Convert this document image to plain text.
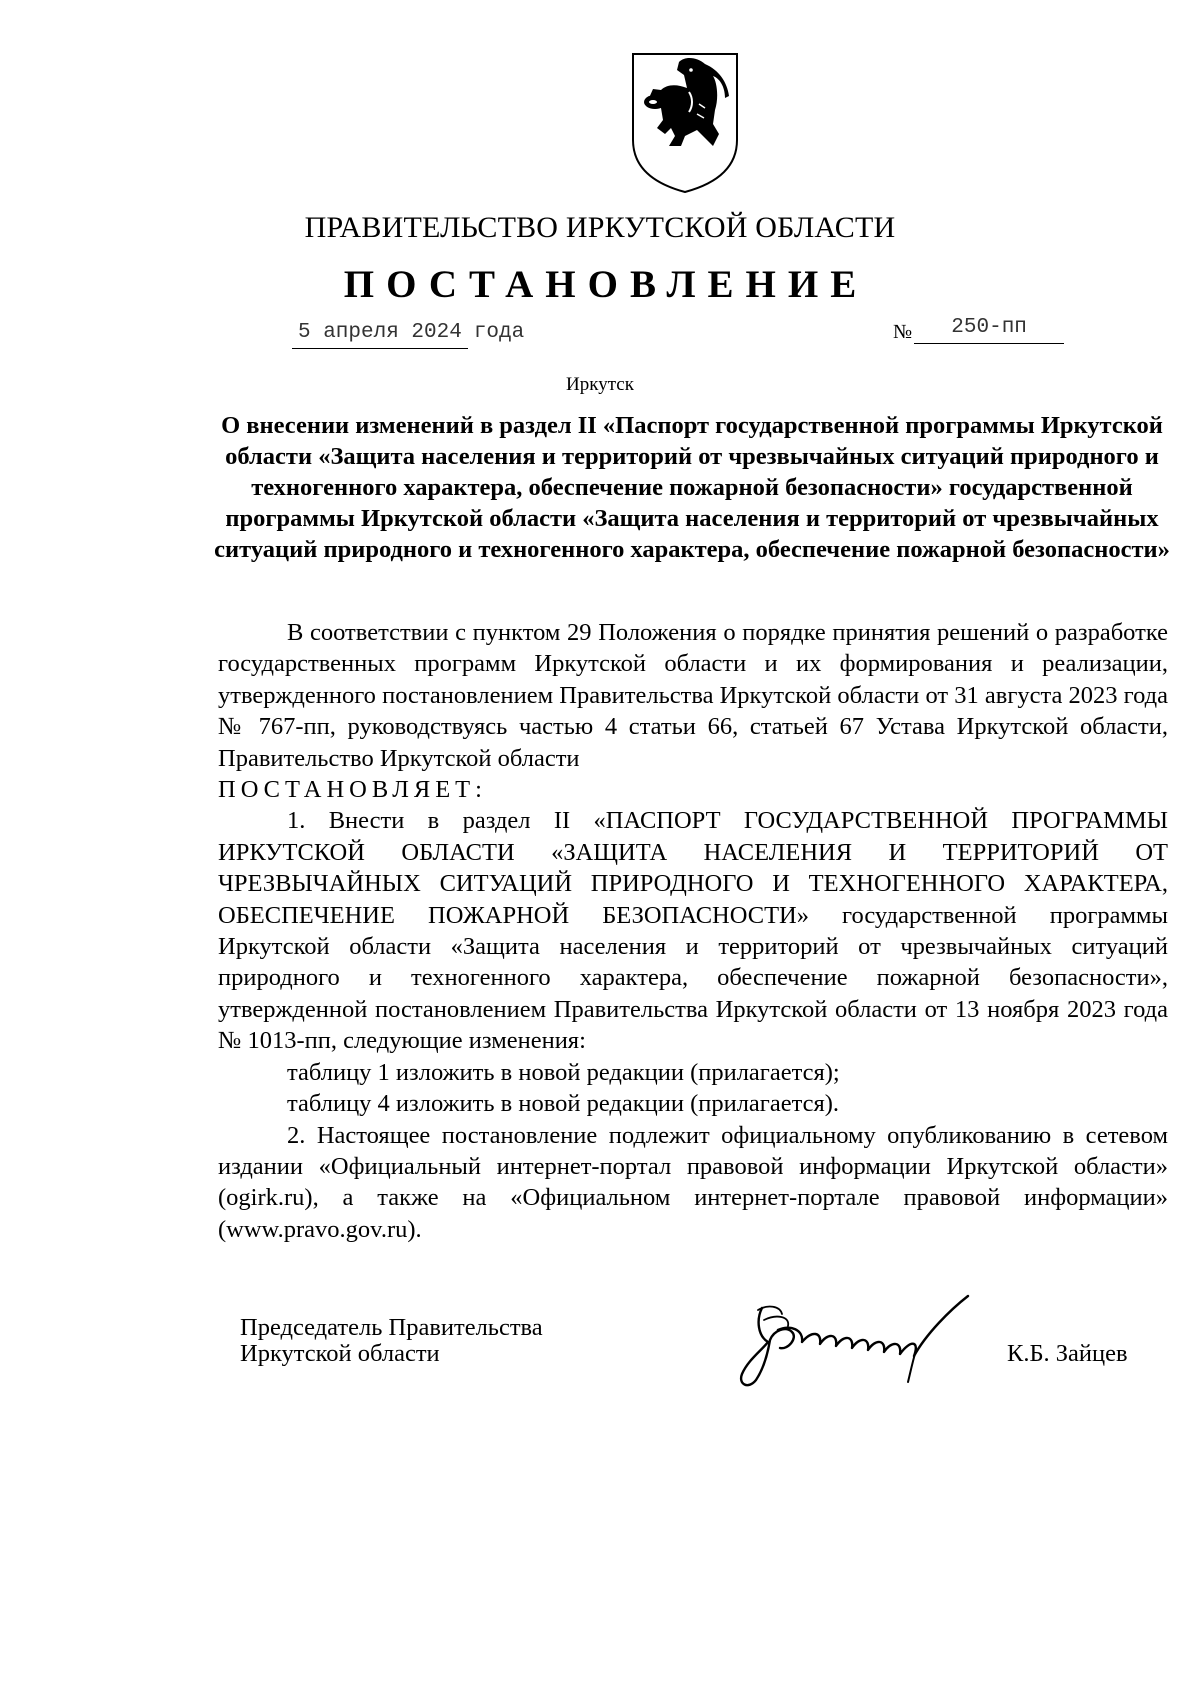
ПРАВИТЕЛЬСТВО ИРКУТСКОЙ ОБЛАСТИ
ПОСТАНОВЛЕНИЕ
5 апреля 2024 года	№ 250-пп
Иркутск
О внесении изменений в раздел II «Паспорт государственной программы Иркутской области «Защита населения и территорий от чрезвычайных ситуаций природного и техногенного характера, обеспечение пожарной безопасности» государственной программы Иркутской области «Защита населения и территорий от чрезвычайных ситуаций природного и техногенного характера, обеспечение пожарной безопасности»

В соответствии с пунктом 29 Положения о порядке принятия решений о разработке государственных программ Иркутской области и их формирования и реализации, утвержденного постановлением Правительства Иркутской области от 31 августа 2023 года № 767-пп, руководствуясь частью 4 статьи 66, статьей 67 Устава Иркутской области, Правительство Иркутской области

ПОСТАНОВЛЯЕТ:

1. Внести в раздел II «ПАСПОРТ ГОСУДАРСТВЕННОЙ ПРОГРАММЫ ИРКУТСКОЙ ОБЛАСТИ «ЗАЩИТА НАСЕЛЕНИЯ И ТЕРРИТОРИЙ ОТ ЧРЕЗВЫЧАЙНЫХ СИТУАЦИЙ ПРИРОДНОГО И ТЕХНОГЕННОГО ХАРАКТЕРА, ОБЕСПЕЧЕНИЕ ПОЖАРНОЙ БЕЗОПАСНОСТИ» государственной программы Иркутской области «Защита населения и территорий от чрезвычайных ситуаций природного и техногенного характера, обеспечение пожарной безопасности», утвержденной постановлением Правительства Иркутской области от 13 ноября 2023 года № 1013-пп, следующие изменения:

таблицу 1 изложить в новой редакции (прилагается);

таблицу 4 изложить в новой редакции (прилагается).

2. Настоящее постановление подлежит официальному опубликованию в сетевом издании «Официальный интернет-портал правовой информации Иркутской области» (ogirk.ru), а также на «Официальном интернет-портале правовой информации» (www.pravo.gov.ru).

Председатель Правительства
Иркутской области	К.Б. Зайцев
